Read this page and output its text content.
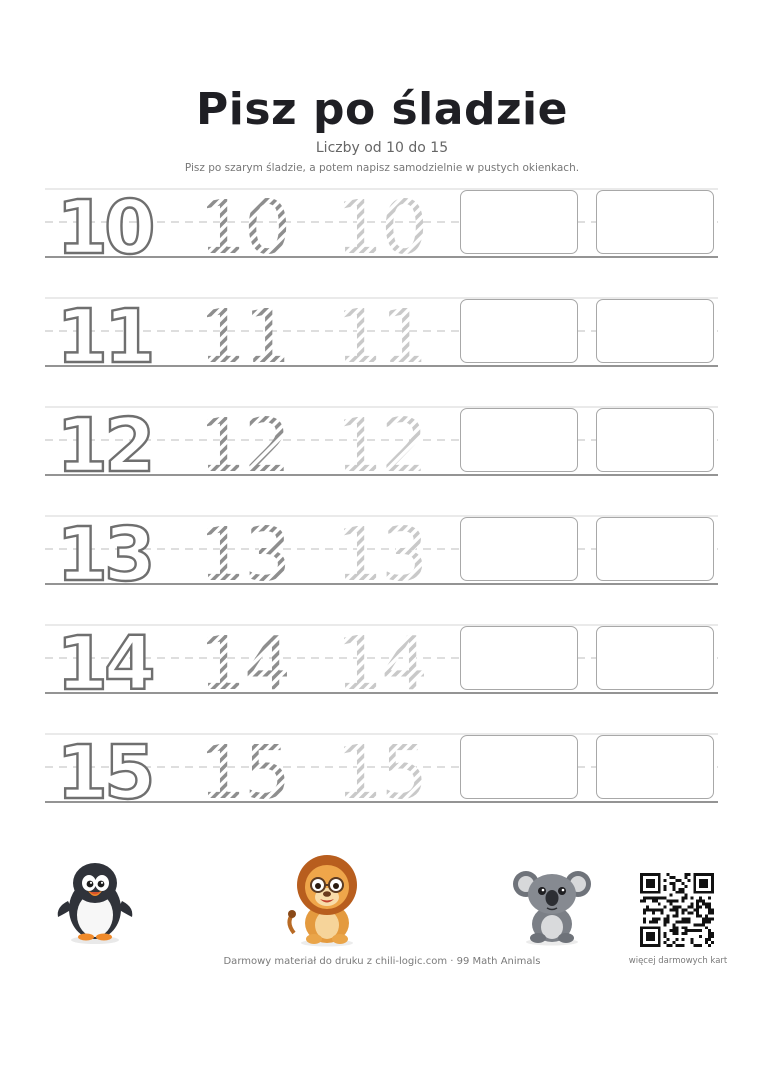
Pisz po śladzie
Liczby od 10 do 15
Pisz po szarym śladzie, a potem napisz samodzielnie w pustych okienkach.
10 10 10
11 11 11
12 12 12
13 13 13
14 14 14
15 15 15
Darmowy materiał do druku z chili-logic.com · 99 Math Animals	więcej darmowych kart
